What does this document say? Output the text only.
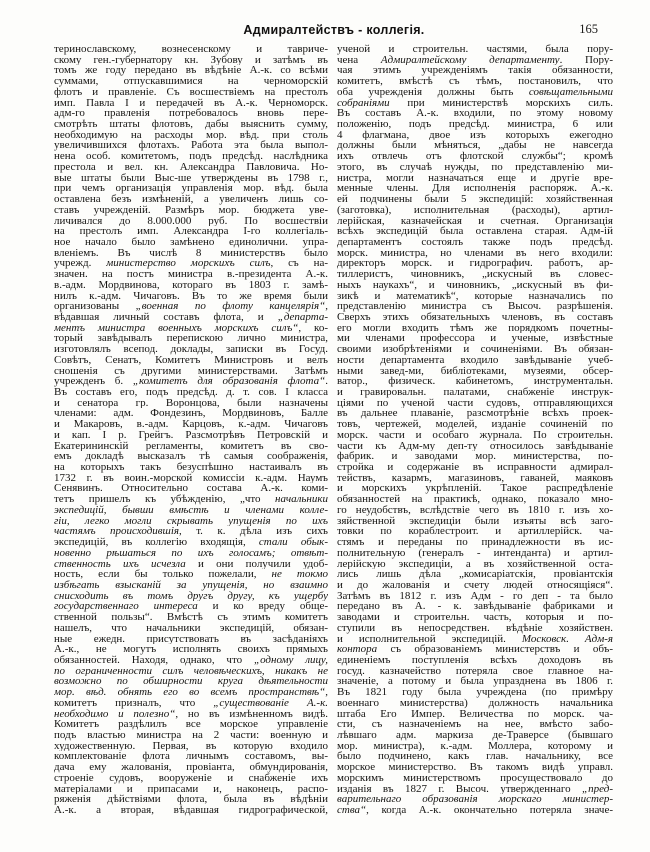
Адмиралтействъ - коллегія.	165
теринославскому, вознесенскому и тавриче-
скому ген.-губернатору кн. Зубову и затѣмъ въ
томъ же году передано въ вѣдѣніе А.-к. со всѣми
суммами, отпускавшимися на черноморскій
флотъ и правленіе. Съ восшествіемъ на престолъ
имп. Павла I и передачей въ А.-к. Черноморск.
адм-го правленія потребовалось вновь пере-
смотрѣть штаты флотовъ, дабы выяснить сумму,
необходимую на расходы мор. вѣд. при столь
увеличившихся флотахъ. Работа эта была выпол-
нена особ. комитетомъ, подъ предсѣд. наслѣдника
престола и вел. кн. Александра Павловича. Но-
вые штаты были Выс-ше утверждены въ 1798 г.,
при чемъ организація управленія мор. вѣд. была
оставлена безъ измѣненій, а увеличенъ лишь со-
ставъ учрежденій. Размѣръ мор. бюджета уве-
личивался до 8.000.000 руб. По восшествіи
на престолъ имп. Александра I-го коллегіаль-
ное начало было замѣнено единолични. упра-
вленіемъ. Въ числѣ 8 министерствъ было
учрежд. министерство морскихъ силъ, съ на-
значен. на постъ министра в.-президента А.-к.
в.-адм. Мордвинова, котораго въ 1803 г. замѣ-
нилъ к.-адм. Чичаговъ. Въ то же время были
организованы „военная по флоту канцелярія“,
вѣдавшая личный составъ флота, и „департа-
ментъ министра военныхъ морскихъ силъ“, ко-
торый завѣдывалъ перепискою лично министра,
изготовлялъ всепод. доклады, записки въ Госуд.
Совѣтъ, Сенатъ, Комитетъ Министровъ и велъ
сношенія съ другими министерствами. Затѣмъ
учрежденъ б. „комитетъ для образованія флота“.
Въ составъ его, подъ предсѣд. д. т. сов. I класса
и сенатора гр. Воронцова, были назначены
членами: адм. Фондезинъ, Мордвиновъ, Балле
и Макаровъ, в.-адм. Карцовъ, к.-адм. Чичаговъ
и кап. I р. Грейгъ. Разсмотрѣвъ Петровскій и
Екатерининскій регламенты, комитетъ въ сво-
емъ докладѣ высказалъ тѣ самыя соображенія,
на которыхъ такъ безуспѣшно настаивалъ въ
1732 г. въ воин.-морской комиссіи к.-адм. Наумъ
Сенявинъ. Относительно состава А.-к. коми-
тетъ пришелъ къ убѣжденію, „что начальники
экспедицій, бывши вмѣстѣ и членами колле-
гіи, легко могли скрывать упущенія по ихъ
частямъ происходившія, т. к. дѣла изъ сихъ
экспедицій, въ коллегію входящія, стали обык-
новенно рѣшаться по ихъ голосамъ; отвѣт-
ственность ихъ исчезла и они получили удоб-
ность, если бы только пожелали, не токмо
избѣгать взысканій за упущенія, но взаимно
снисходить въ томъ другъ другу, къ ущербу
государственнаго интереса и ко вреду обще-
ственной пользы“. Вмѣстѣ съ этимъ комитетъ
нашелъ, что начальники экспедицій, обязан-
ные ежедн. присутствовать въ засѣданіяхъ
А.-к., не могутъ исполнять своихъ прямыхъ
обязанностей. Находя, однако, что „одному лицу,
по ограниченности силъ человѣческихъ, никакъ не
возможно по обширности круга дѣятельности
мор. вѣд. обнять его во всемъ пространствѣ“,
комитетъ призналъ, что „существованіе А.-к.
необходимо и полезно“, но въ измѣненномъ видѣ.
Комитетъ раздѣлилъ все морское управленіе
подъ властью министра на 2 части: военную и
художественную. Первая, въ которую входило
комплектованіе флота личнымъ составомъ, вы-
дача ему жалованія, провіанта, обмундированія,
строеніе судовъ, вооруженіе и снабженіе ихъ
матеріалами и припасами и, наконецъ, распо-
ряженія дѣйствіями флота, была въ вѣдѣніи
А.-к. а вторая, вѣдавшая гидрографической,
ученой и строительн. частями, была пору-
чена Адмиралтейскому департаменту. Пору-
чая этимъ учрежденіямъ такія обязанности,
комитетъ, вмѣстѣ съ тѣмъ, постановилъ, что
оба учрежденія должны быть совѣщательными
собраніями при министерствѣ морскихъ силъ.
Въ составъ А.-к. входили, по этому новому
положенію, подъ предсѣд. министра, 6 или
4 флагмана, двое изъ которыхъ ежегодно
должны были мѣняться, „дабы не навсегда
ихъ отвлечь отъ флотской службы“; кромѣ
этого, въ случаѣ нужды, по представленію ми-
нистра, могли назначаться еще и другіе вре-
менные члены. Для исполненія распоряж. А.-к.
ей подчинены были 5 экспедицій: хозяйственная
(заготовка), исполнительная (расходы), артил-
лерійская, казначейская и счетная. Организація
всѣхъ экспедицій была оставлена старая. Адм-ій
департаментъ состоялъ также подъ предсѣд.
морск. министра, но членами въ него входили:
директоръ морск. и гидрографич. работъ, ар-
тиллеристъ, чиновникъ, „искусный въ словес-
ныхъ наукахъ“, и чиновникъ, „искусный въ фи-
зикѣ и математикѣ“, которые назначались по
представленію министра съ Высоч. разрѣшенія.
Сверхъ этихъ обязательныхъ членовъ, въ составъ
его могли входить тѣмъ же порядкомъ почетны-
ми членами профессора и ученые, извѣстные
своими изобрѣтеніями и сочиненіями. Въ обязан-
ности департамента входило завѣдываніе учеб-
ными завед-ми, библіотеками, музеями, обсер-
ватор., физическ. кабинетомъ, инструментальн.
и гравировальн. палатами, снабженіе инструк-
ціями по ученой части судовъ, отправляющихся
въ дальнее плаваніе, разсмотрѣніе всѣхъ проек-
товъ, чертежей, моделей, изданіе сочиненій по
морск. части и особаго журнала. По строительн.
части къ Адм-му деп-ту относилось завѣдываніе
фабрик. и заводами мор. министерства, по-
стройка и содержаніе въ исправности адмирал-
тействъ, казармъ, магазиновъ, гаваней, маяковъ
и морскихъ укрѣпленій. Такое распредѣленіе
обязанностей на практикѣ, однако, показало мно-
го неудобствъ, вслѣдствіе чего въ 1810 г. изъ хо-
зяйственной экспедиціи были изъяты всѣ заго-
товки по кораблестроит. и артиллерійск. ча-
стямъ и переданы по принадлежности въ ис-
полнительную (генералъ - интенданта) и артил-
лерійскую экспедиціи, а въ хозяйственной оста-
лись лишь дѣла „комисаріатскія, провіантскія
и до жалованія и счету людей относящіяся“.
Затѣмъ въ 1812 г. изъ Адм - го деп - та было
передано въ А. - к. завѣдываніе фабриками и
заводами и строительн. часть, которыя и по-
ступили въ непосредствен. вѣдѣніе хозяйствен.
и исполнительной экспедицій. Московск. Адм-я
контора съ образованіемъ министерствъ и объ-
единеніемъ поступленія всѣхъ доходовъ въ
госуд. казначейство потеряла свое главное на-
значеніе, а потому и была упразднена въ 1806 г.
Въ 1821 году была учреждена (по примѣру
военнаго министерства) должность начальника
штаба Его Импер. Величества по морск. ча-
сти, съ назначеніемъ на нее, вмѣсто забо-
лѣвшаго адм. маркиза де-Траверсе (бывшаго
мор. министра), к.-адм. Моллера, которому и
было подчинено, какъ глав. начальнику, все
морское министерство. Въ такомъ видѣ управл.
морскимъ министерствомъ просуществовало до
изданія въ 1827 г. Высоч. утвержденнаго „пред-
варительнаго образованія морскаго министер-
ства“, когда А.-к. окончательно потеряла значе-
